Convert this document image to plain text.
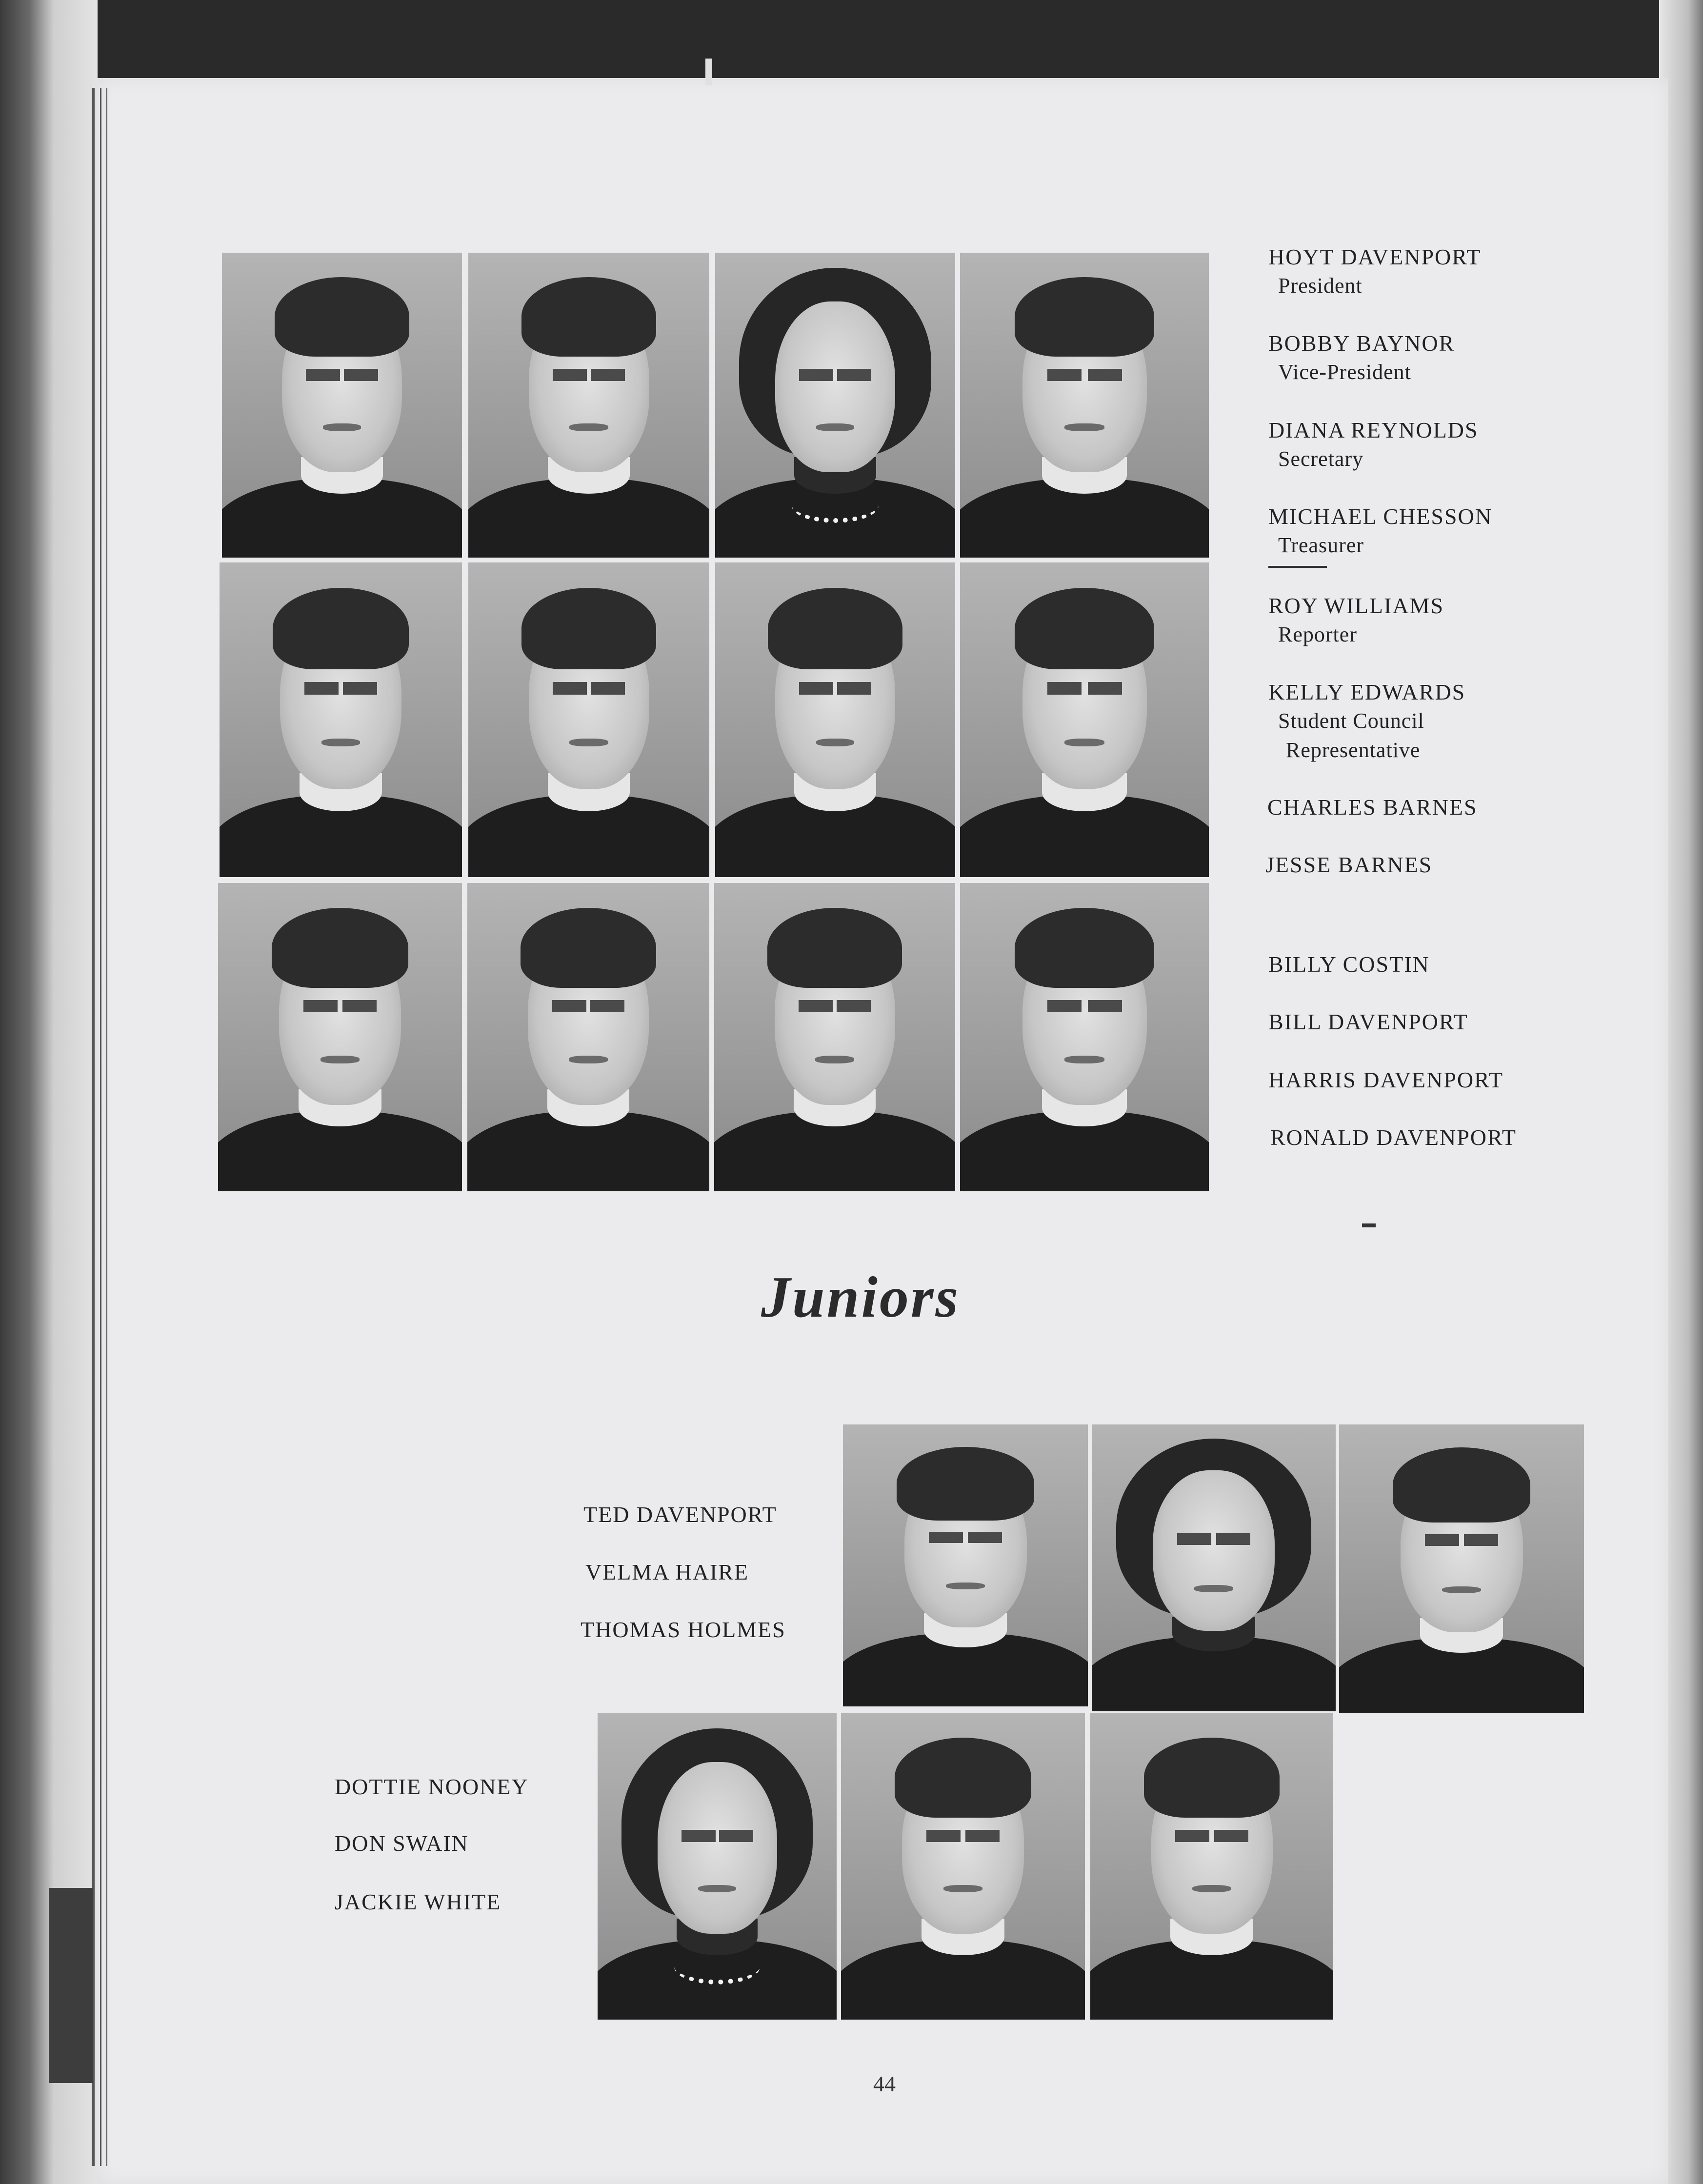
HOYT DAVENPORT
President
BOBBY BAYNOR
Vice-President
DIANA REYNOLDS
Secretary
MICHAEL CHESSON
Treasurer
ROY WILLIAMS
Reporter
KELLY EDWARDS
Student Council
Representative
CHARLES BARNES
JESSE BARNES
BILLY COSTIN
BILL DAVENPORT
HARRIS DAVENPORT
RONALD DAVENPORT
Juniors
TED DAVENPORT
VELMA HAIRE
THOMAS HOLMES
DOTTIE NOONEY
DON SWAIN
JACKIE WHITE
44
